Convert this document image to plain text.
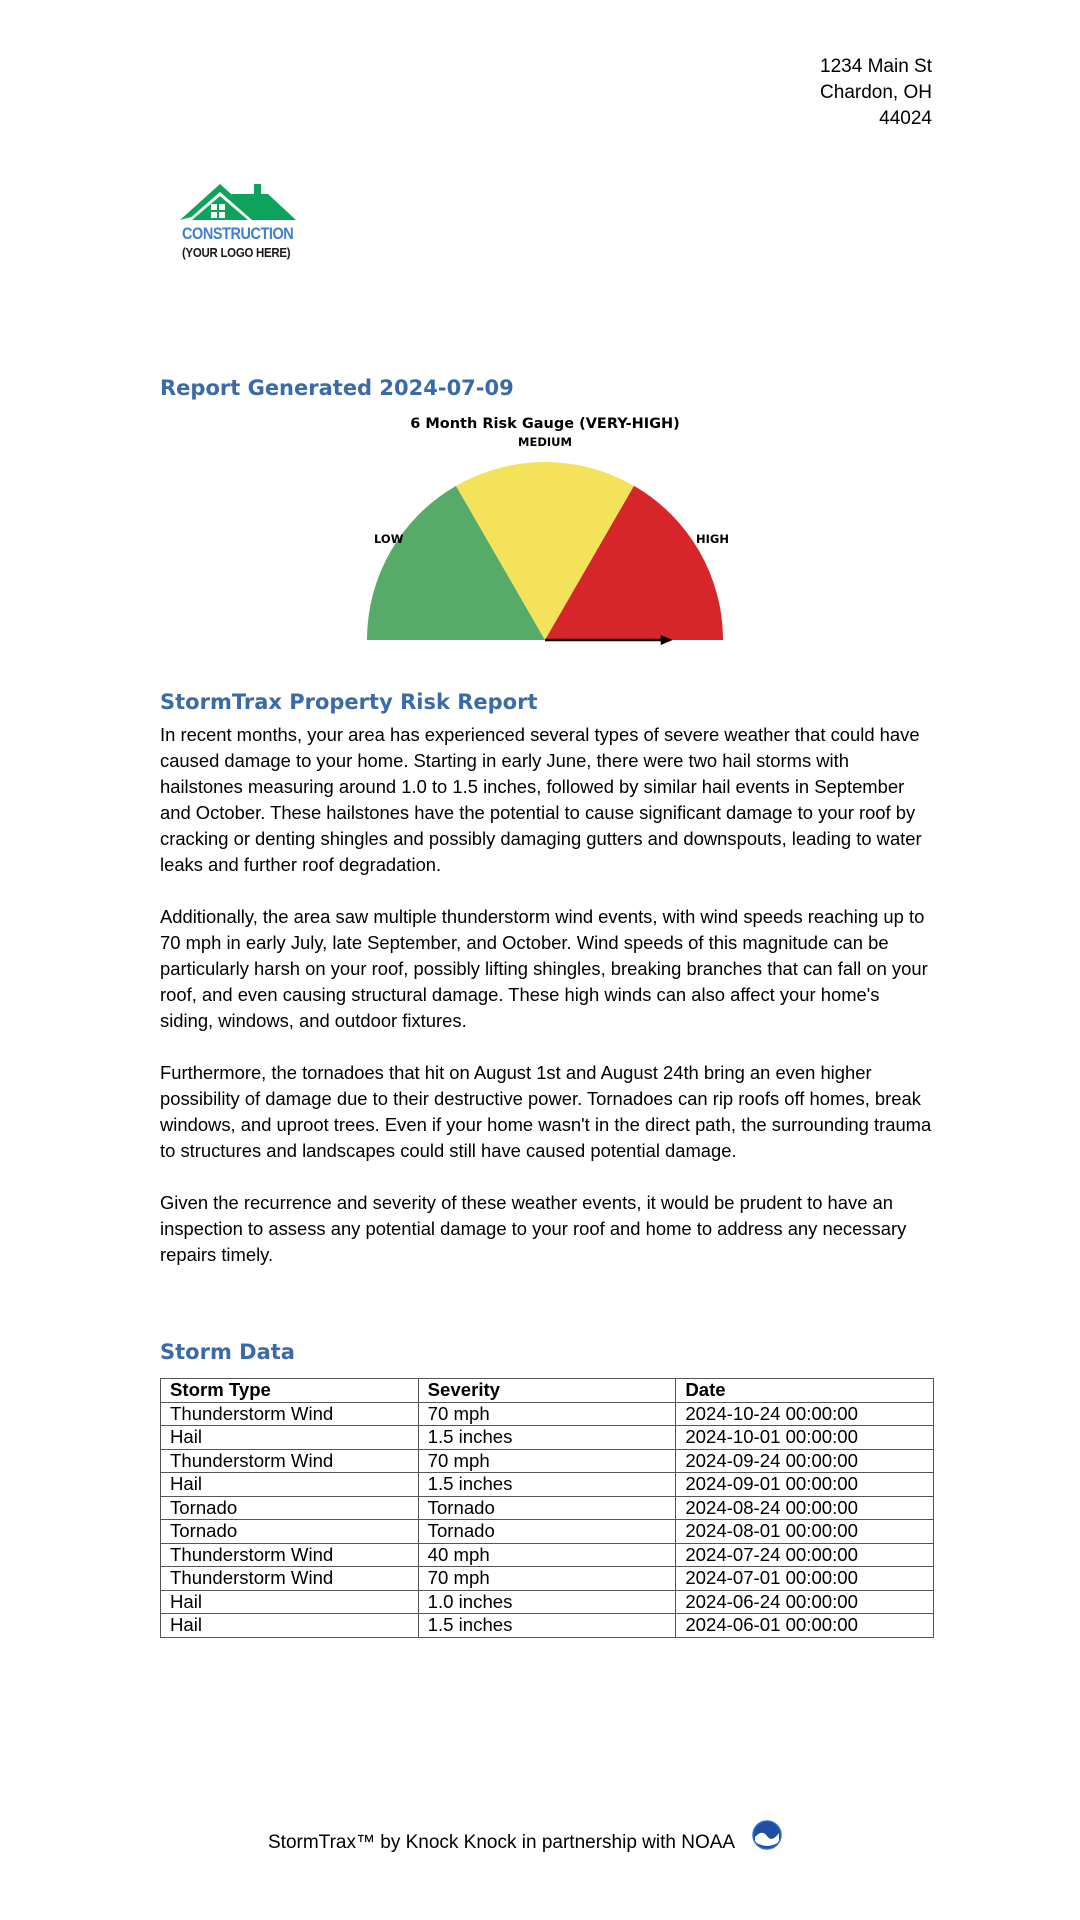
1234 Main St
Chardon, OH
44024
CONSTRUCTION
(YOUR LOGO HERE)
Report Generated 2024-07-09
6 Month Risk Gauge (VERY-HIGH)
LOW
MEDIUM
HIGH
StormTrax Property Risk Report

In recent months, your area has experienced several types of severe weather that could have caused damage to your home. Starting in early June, there were two hail storms with hailstones measuring around 1.0 to 1.5 inches, followed by similar hail events in September and October. These hailstones have the potential to cause significant damage to your roof by cracking or denting shingles and possibly damaging gutters and downspouts, leading to water leaks and further roof degradation.

Additionally, the area saw multiple thunderstorm wind events, with wind speeds reaching up to 70 mph in early July, late September, and October. Wind speeds of this magnitude can be particularly harsh on your roof, possibly lifting shingles, breaking branches that can fall on your roof, and even causing structural damage. These high winds can also affect your home's siding, windows, and outdoor fixtures.

Furthermore, the tornadoes that hit on August 1st and August 24th bring an even higher possibility of damage due to their destructive power. Tornadoes can rip roofs off homes, break windows, and uproot trees. Even if your home wasn't in the direct path, the surrounding trauma to structures and landscapes could still have caused potential damage.

Given the recurrence and severity of these weather events, it would be prudent to have an inspection to assess any potential damage to your roof and home to address any necessary repairs timely.

Storm Data
Storm Type	Severity	Date
Thunderstorm Wind	70 mph	2024-10-24 00:00:00
Hail	1.5 inches	2024-10-01 00:00:00
Thunderstorm Wind	70 mph	2024-09-24 00:00:00
Hail	1.5 inches	2024-09-01 00:00:00
Tornado	Tornado	2024-08-24 00:00:00
Tornado	Tornado	2024-08-01 00:00:00
Thunderstorm Wind	40 mph	2024-07-24 00:00:00
Thunderstorm Wind	70 mph	2024-07-01 00:00:00
Hail	1.0 inches	2024-06-24 00:00:00
Hail	1.5 inches	2024-06-01 00:00:00
StormTrax™ by Knock Knock in partnership with NOAA
